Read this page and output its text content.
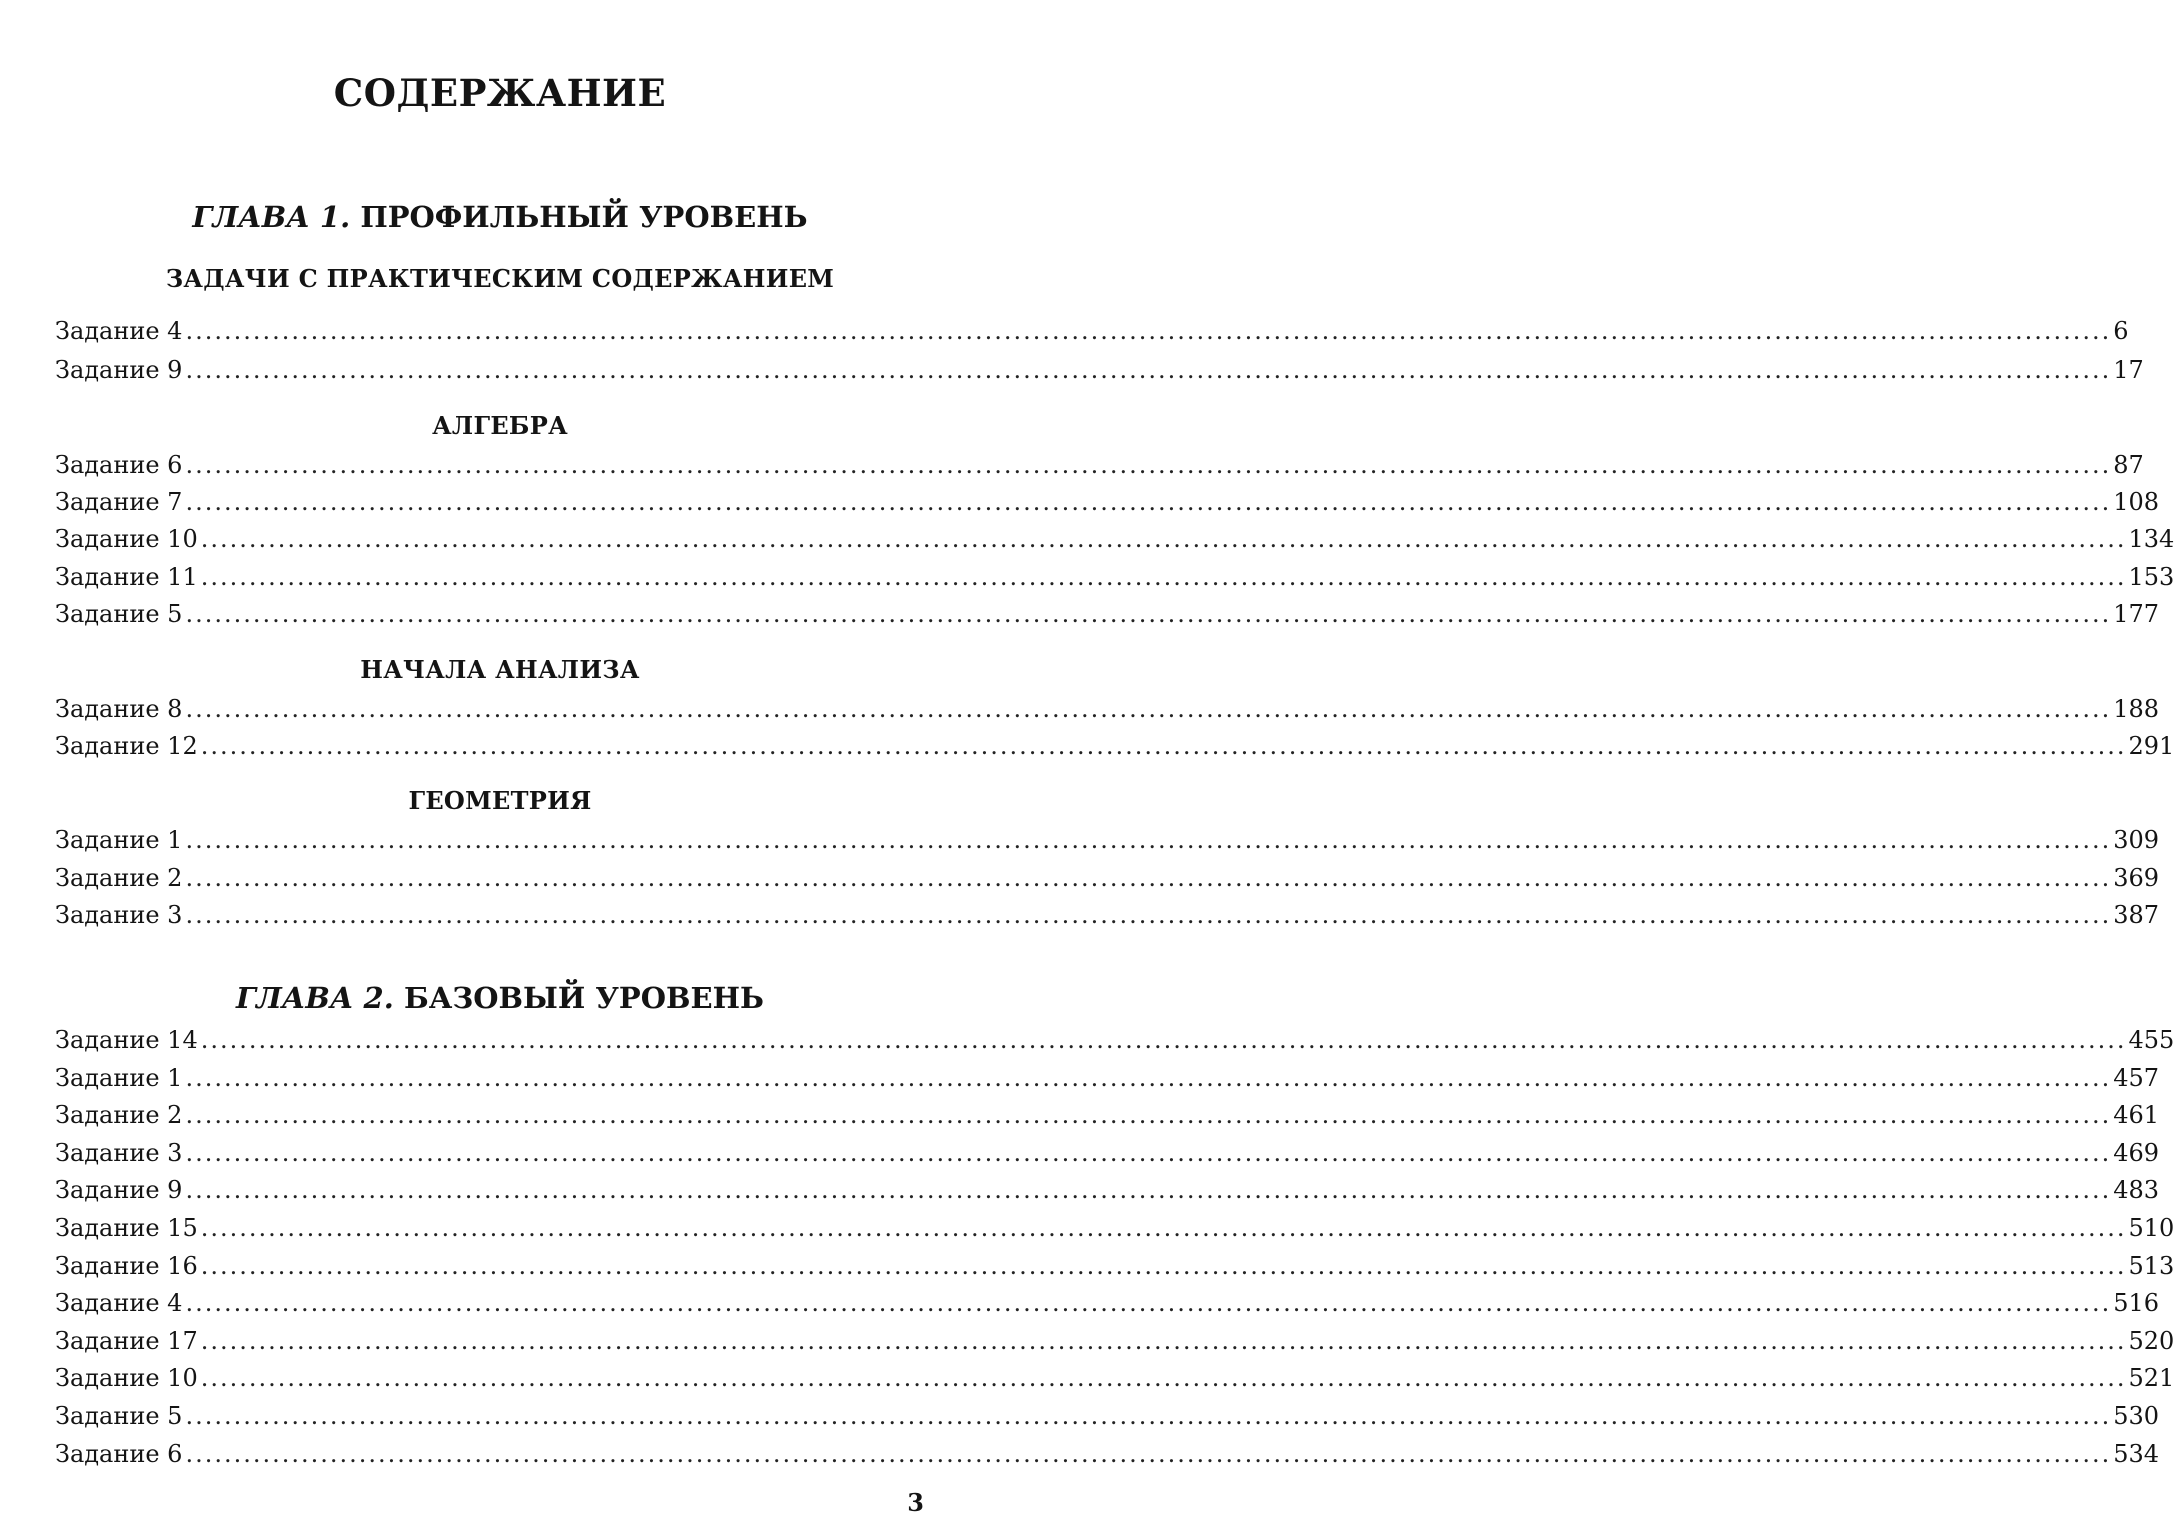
СОДЕРЖАНИЕ
ГЛАВА 1. ПРОФИЛЬНЫЙ УРОВЕНЬ
ЗАДАЧИ С ПРАКТИЧЕСКИМ СОДЕРЖАНИЕМ
Задание 4 ........................................................................................................................................................................................................ 6
Задание 9 ........................................................................................................................................................................................................ 17
АЛГЕБРА
Задание 6 ........................................................................................................................................................................................................ 87
Задание 7 ........................................................................................................................................................................................................ 108
Задание 10 ........................................................................................................................................................................................................ 134
Задание 11 ........................................................................................................................................................................................................ 153
Задание 5 ........................................................................................................................................................................................................ 177
НАЧАЛА АНАЛИЗА
Задание 8 ........................................................................................................................................................................................................ 188
Задание 12 ........................................................................................................................................................................................................ 291
ГЕОМЕТРИЯ
Задание 1 ........................................................................................................................................................................................................ 309
Задание 2 ........................................................................................................................................................................................................ 369
Задание 3 ........................................................................................................................................................................................................ 387
ГЛАВА 2. БАЗОВЫЙ УРОВЕНЬ
Задание 14 ........................................................................................................................................................................................................ 455
Задание 1 ........................................................................................................................................................................................................ 457
Задание 2 ........................................................................................................................................................................................................ 461
Задание 3 ........................................................................................................................................................................................................ 469
Задание 9 ........................................................................................................................................................................................................ 483
Задание 15 ........................................................................................................................................................................................................ 510
Задание 16 ........................................................................................................................................................................................................ 513
Задание 4 ........................................................................................................................................................................................................ 516
Задание 17 ........................................................................................................................................................................................................ 520
Задание 10 ........................................................................................................................................................................................................ 521
Задание 5 ........................................................................................................................................................................................................ 530
Задание 6 ........................................................................................................................................................................................................ 534
3
